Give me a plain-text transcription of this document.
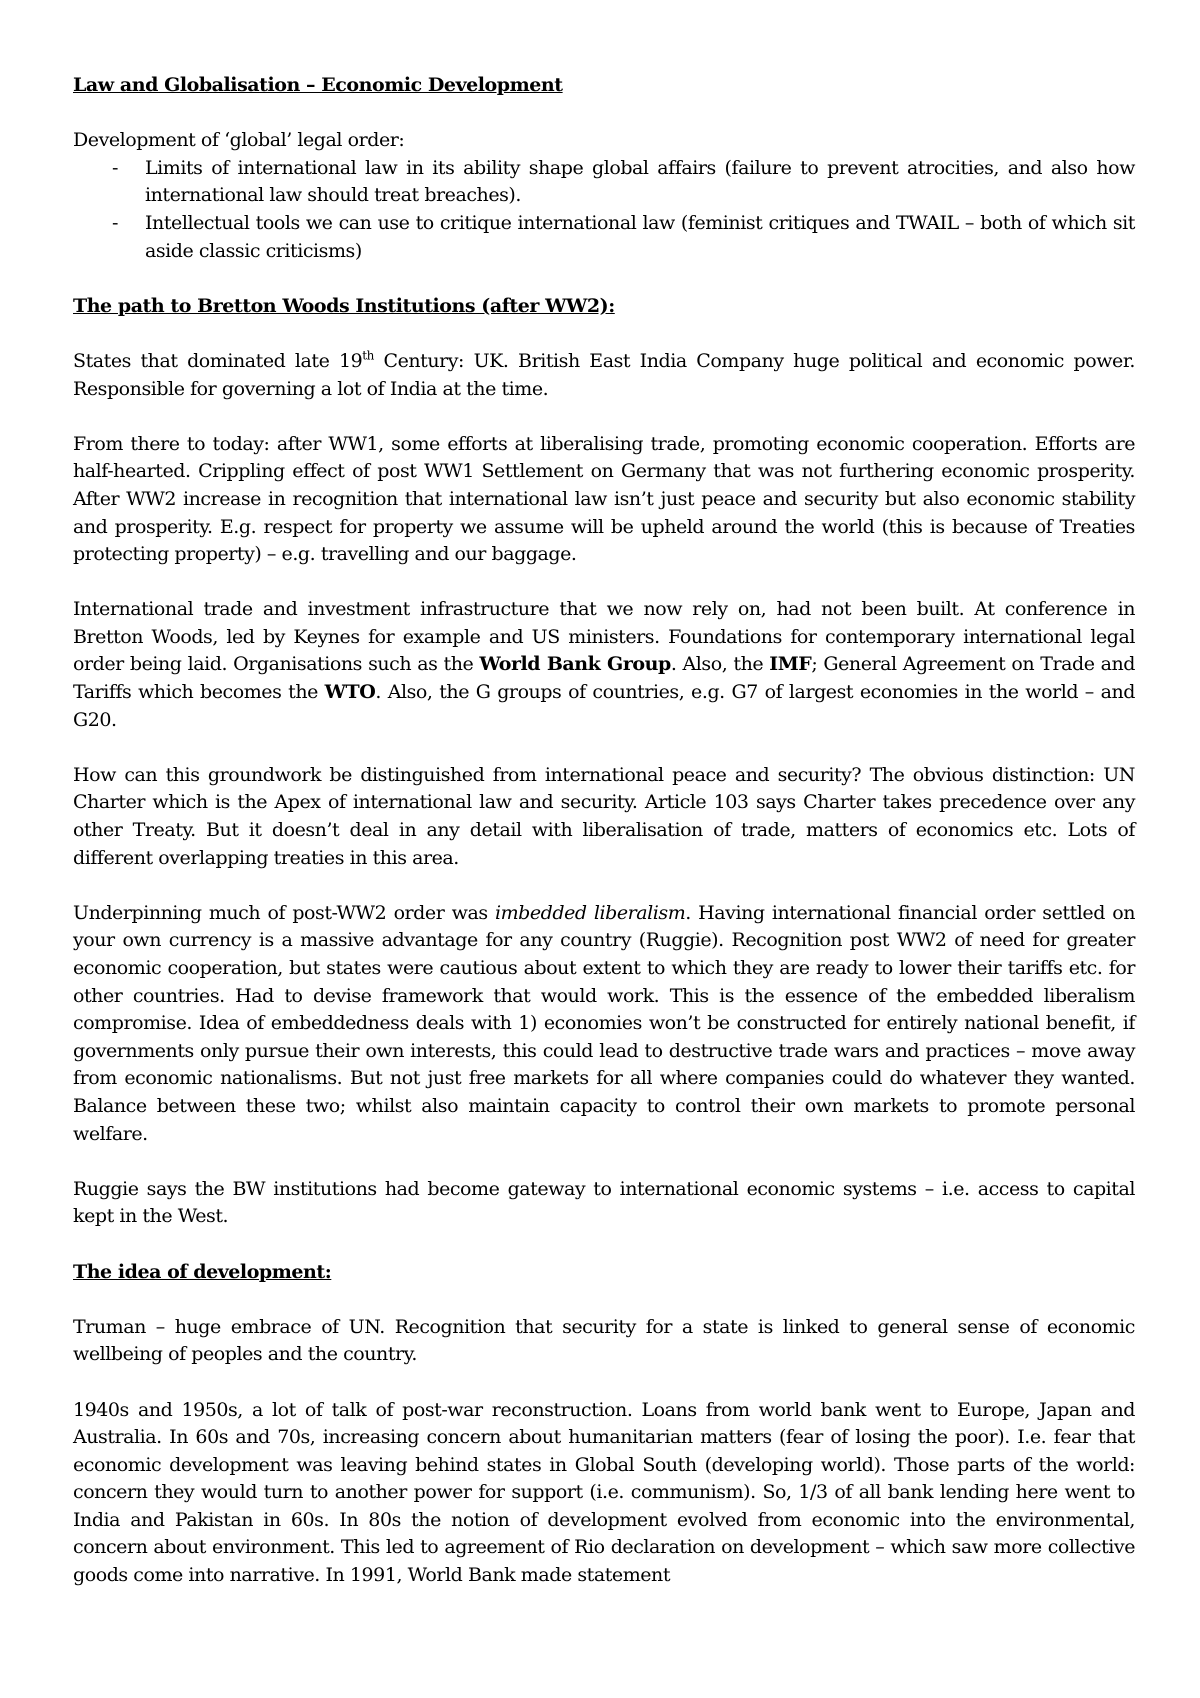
Law and Globalisation – Economic Development

Development of ‘global’ legal order:

- Limits of international law in its ability shape global affairs (failure to prevent atrocities, and also how international law should treat breaches).
- Intellectual tools we can use to critique international law (feminist critiques and TWAIL – both of which sit aside classic criticisms)

The path to Bretton Woods Institutions (after WW2):

States that dominated late 19th Century: UK. British East India Company huge political and economic power. Responsible for governing a lot of India at the time.

From there to today: after WW1, some efforts at liberalising trade, promoting economic cooperation. Efforts are half-hearted. Crippling effect of post WW1 Settlement on Germany that was not furthering economic prosperity. After WW2 increase in recognition that international law isn’t just peace and security but also economic stability and prosperity. E.g. respect for property we assume will be upheld around the world (this is because of Treaties protecting property) – e.g. travelling and our baggage.

International trade and investment infrastructure that we now rely on, had not been built. At conference in Bretton Woods, led by Keynes for example and US ministers. Foundations for contemporary international legal order being laid. Organisations such as the World Bank Group. Also, the IMF; General Agreement on Trade and Tariffs which becomes the WTO. Also, the G groups of countries, e.g. G7 of largest economies in the world – and G20.

How can this groundwork be distinguished from international peace and security? The obvious distinction: UN Charter which is the Apex of international law and security. Article 103 says Charter takes precedence over any other Treaty. But it doesn’t deal in any detail with liberalisation of trade, matters of economics etc. Lots of different overlapping treaties in this area.

Underpinning much of post-WW2 order was imbedded liberalism. Having international financial order settled on your own currency is a massive advantage for any country (Ruggie). Recognition post WW2 of need for greater economic cooperation, but states were cautious about extent to which they are ready to lower their tariffs etc. for other countries. Had to devise framework that would work. This is the essence of the embedded liberalism compromise. Idea of embeddedness deals with 1) economies won’t be constructed for entirely national benefit, if governments only pursue their own interests, this could lead to destructive trade wars and practices – move away from economic nationalisms. But not just free markets for all where companies could do whatever they wanted. Balance between these two; whilst also maintain capacity to control their own markets to promote personal welfare.

Ruggie says the BW institutions had become gateway to international economic systems – i.e. access to capital kept in the West.

The idea of development:

Truman – huge embrace of UN. Recognition that security for a state is linked to general sense of economic wellbeing of peoples and the country.

1940s and 1950s, a lot of talk of post-war reconstruction. Loans from world bank went to Europe, Japan and Australia. In 60s and 70s, increasing concern about humanitarian matters (fear of losing the poor). I.e. fear that economic development was leaving behind states in Global South (developing world). Those parts of the world: concern they would turn to another power for support (i.e. communism). So, 1/3 of all bank lending here went to India and Pakistan in 60s. In 80s the notion of development evolved from economic into the environmental, concern about environment. This led to agreement of Rio declaration on development – which saw more collective goods come into narrative. In 1991, World Bank made statement
